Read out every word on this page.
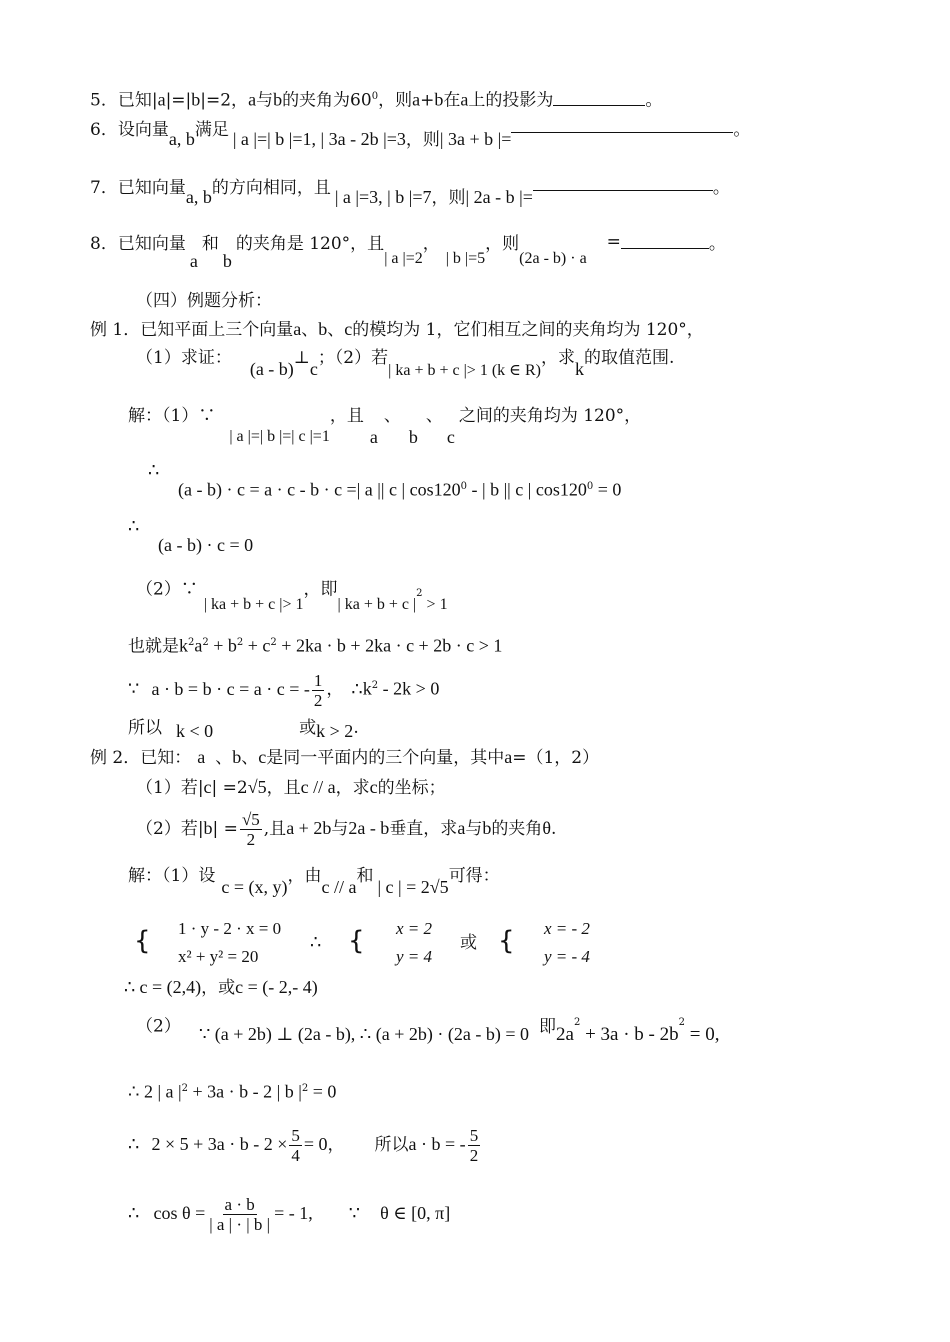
5．已知|a|=|b|=2，a与b的夹角为$60^0$，则a+b在a上的投影为	。
6．设向量a, b满足 | a |=| b |=1, | 3a - 2b |=3，则| 3a + b |=	。
7．已知向量a, b的方向相同，且 | a |=3, | b |=7，则| 2a - b |=	。
8．已知向量a和b的夹角是 120°，且| a |=2，| b |=5，则(2a - b) · a=	。
（四）例题分析：
例 1．已知平面上三个向量a、b、c的模均为 1，它们相互之间的夹角均为 120°，
（1）求证：(a - b)⊥c；（2）若| ka + b + c |> 1 (k ∈ R)，求k的取值范围.
解：（1）∵| a |=| b |=| c |=1，且a、b、c之间的夹角均为 120°，
∴
(a - b) · c = a · c - b · c =| a || c | $\cos 120^0$ - | b || c | $\cos 120^0 = 0$
∴
(a - b) · c = 0
（2）∵| ka + b + c |> 1，即| ka + b + c $|^2 > 1$
也就是$k^2a^2 + b^2 + c^2 + 2ka \cdot b + 2ka \cdot c + 2b \cdot c > 1$
∵ a · b = b · c = a · c = - $\frac{1}{2}$ ， $\therefore k^2 - 2k > 0$
所以 k < 0	或k > 2.
例 2．已知： a 、b、c是同一平面内的三个向量，其中a=（1，2）
（1）若|c| =2√5，且c // a，求c的坐标；
（2）若$|b| = \frac{√5}{2}$ ,且a + 2b与2a - b垂直，求a与b的夹角θ.
解：（1）设c = (x, y)，由c // a和| c | = 2√5可得：
{ 1 · y - 2 · x = 0
x² + y² = 20
∴ { x = 2
y = 4
或 { x = - 2
y = - 4
∴ c = (2,4)，或c = (- 2,- 4)
（2） ∵ (a + 2b) ⊥ (2a - b), ∴ (a + 2b) · (2a - b) = 0 即$2a^2 + 3a \cdot b - 2b^2 = 0$,
∴ 2 | a $|^2 + 3a \cdot b - 2$ | b $|^2 = 0$
∴ $2 \times 5 + 3a \cdot b - 2 \times \frac{5}{4} = 0$， 所以a · b = - $\frac{5}{2}$
∴ $\cos \theta = \frac{a \cdot b}{| a | \cdot | b |}$ = - 1, ∵ θ ∈ [0, π]
